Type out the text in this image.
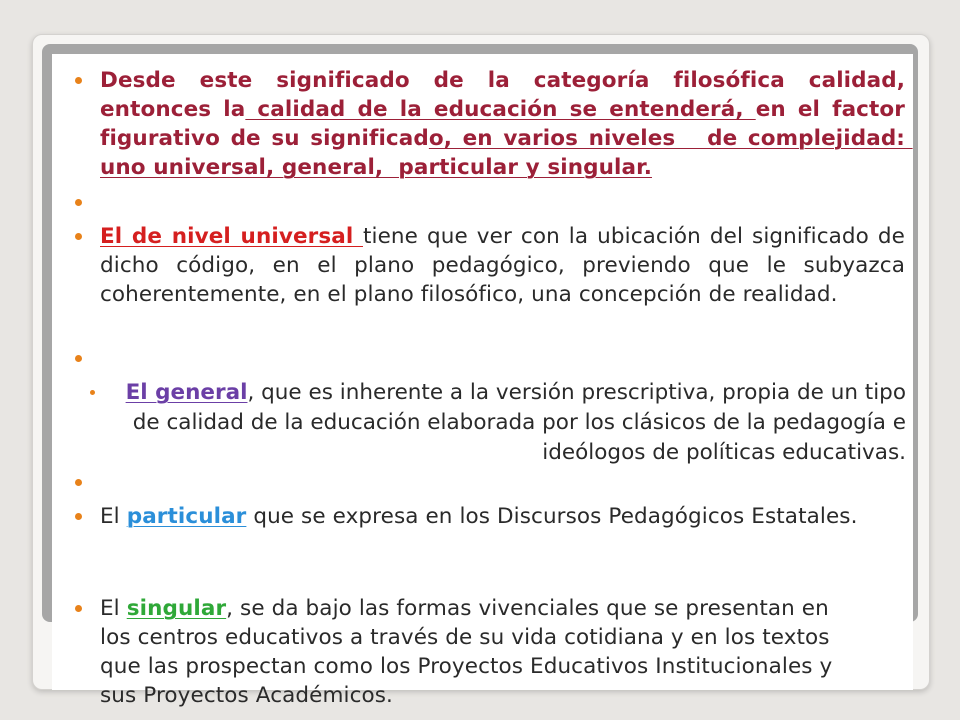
Desde este significado de la categoría filosófica calidad, entonces la calidad de la educación se entenderá, en el factor figurativo de su significado, en varios niveles   de complejidad: uno universal, general,  particular y singular.
El de nivel universal tiene que ver con la ubicación del significado de dicho código, en el plano pedagógico, previendo que le subyazca coherentemente, en el plano filosófico, una concepción de realidad.
El general, que es inherente a la versión prescriptiva, propia de un tipo de calidad de la educación elaborada por los clásicos de la pedagogía e ideólogos de políticas educativas.
El particular que se expresa en los Discursos Pedagógicos Estatales.
El singular, se da bajo las formas vivenciales que se presentan en los centros educativos a través de su vida cotidiana y en los textos que las prospectan como los Proyectos Educativos Institucionales y sus Proyectos Académicos.
